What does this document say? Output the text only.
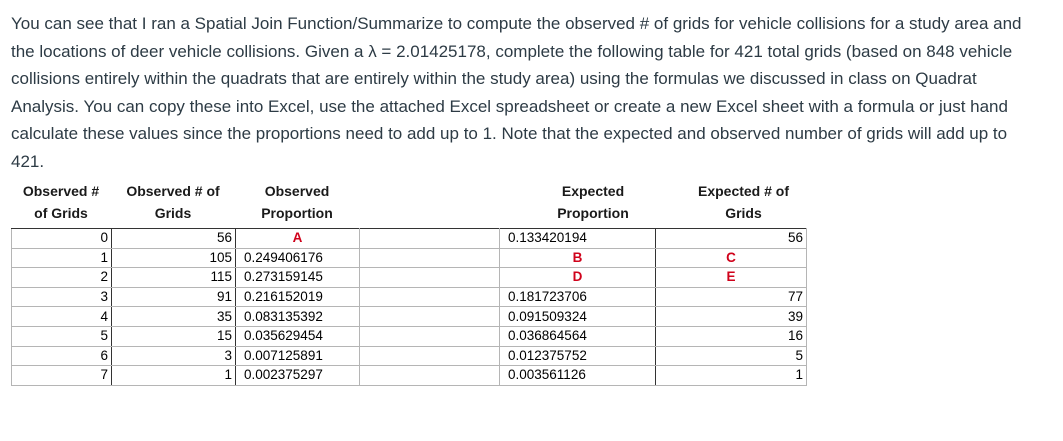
You can see that I ran a Spatial Join Function/Summarize to compute the observed # of grids for vehicle collisions for a study area and
the locations of deer vehicle collisions. Given a λ = 2.01425178, complete the following table for 421 total grids (based on 848 vehicle
collisions entirely within the quadrats that are entirely within the study area) using the formulas we discussed in class on Quadrat
Analysis. You can copy these into Excel, use the attached Excel spreadsheet or create a new Excel sheet with a formula or just hand
calculate these values since the proportions need to add up to 1. Note that the expected and observed number of grids will add up to
421.
Observed #
of Grids
Observed # of
Grids
Observed
Proportion
Expected
Proportion
Expected # of
Grids
0	56	A		0.133420194	56
1	105	0.249406176		B	C
2	115	0.273159145		D	E
3	91	0.216152019		0.181723706	77
4	35	0.083135392		0.091509324	39
5	15	0.035629454		0.036864564	16
6	3	0.007125891		0.012375752	5
7	1	0.002375297		0.003561126	1
